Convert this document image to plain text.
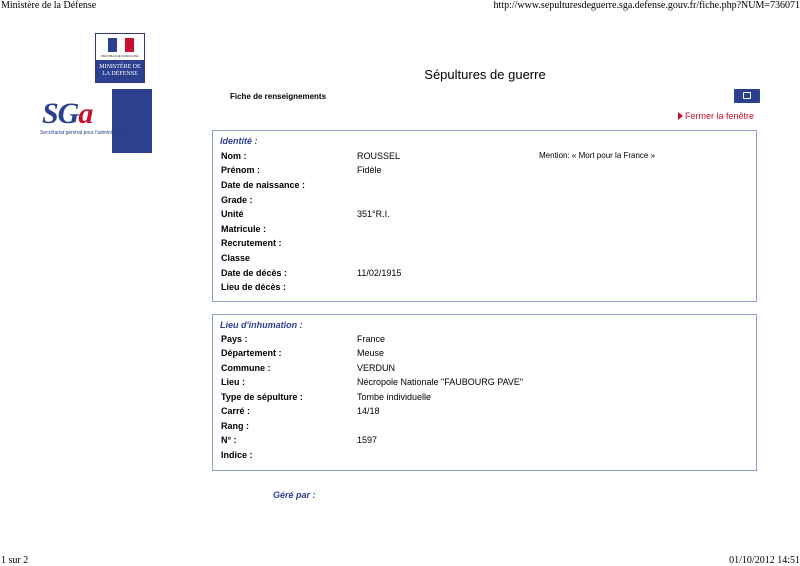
Ministère de la Défense	http://www.sepulturesdeguerre.sga.defense.gouv.fr/fiche.php?NUM=736071
RÉPUBLIQUE FRANÇAISE
MINISTÈRE DE LA DÉFENSE
SGa
Secrétariat général pour l'administration
Sépultures de guerre
Fiche de renseignements
Fermer la fenêtre
Identité :
Mention: « Mort pour la France »
Nom :	ROUSSEL
Prénom :	Fidèle
Date de naissance :
Grade :
Unité	351°R.I.
Matricule :
Recrutement :
Classe
Date de décès :	11/02/1915
Lieu de décès :
Lieu d'inhumation :
Pays :	France
Département :	Meuse
Commune :	VERDUN
Lieu :	Nécropole Nationale "FAUBOURG PAVE"
Type de sépulture :	Tombe individuelle
Carré :	14/18
Rang :
N° :	1597
Indice :
Géré par :
1 sur 2	01/10/2012 14:51
